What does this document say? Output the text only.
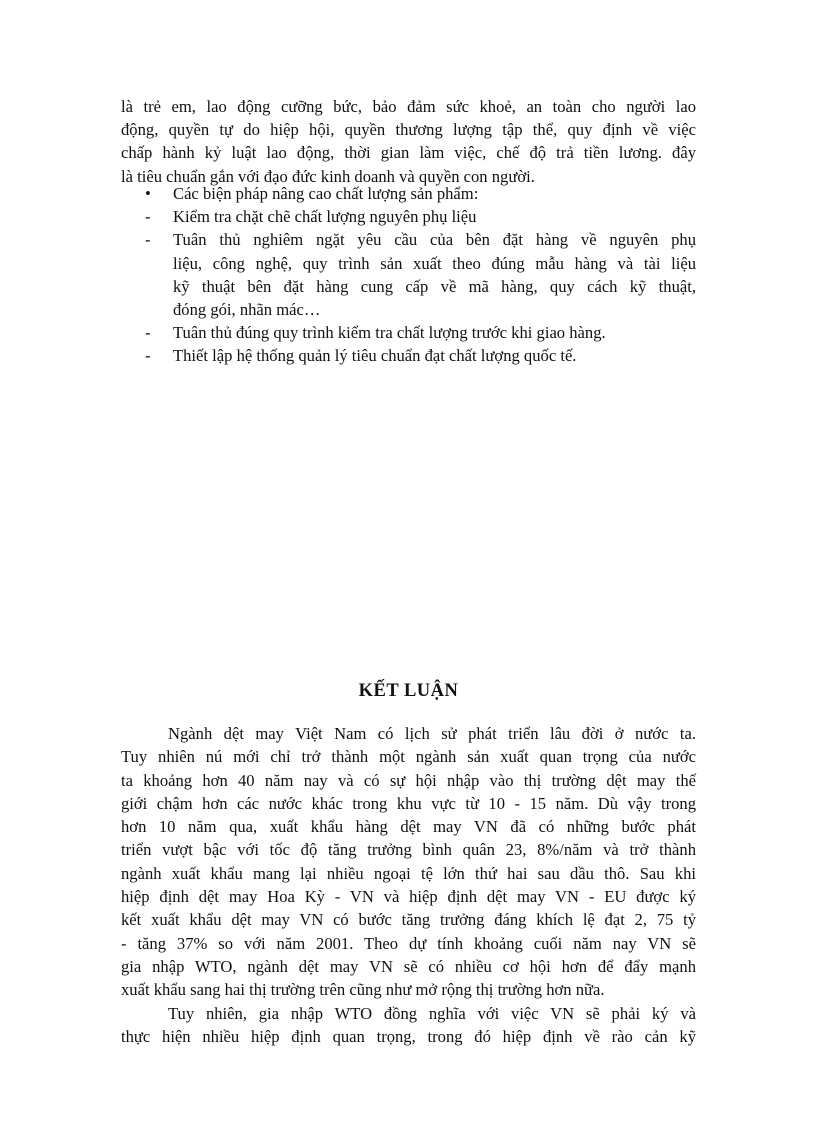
là trẻ em, lao động cưỡng bức, bảo đảm sức khoẻ, an toàn cho người lao
động, quyền tự do hiệp hội, quyền thương lượng tập thể, quy định về việc
chấp hành kỷ luật lao động, thời gian làm việc, chế độ trả tiền lương. đây
là tiêu chuẩn gắn với đạo đức kinh doanh và quyền con người.
• Các biện pháp nâng cao chất lượng sản phẩm:
- Kiểm tra chặt chẽ chất lượng nguyên phụ liệu
- Tuân thủ nghiêm ngặt yêu cầu của bên đặt hàng về nguyên phụ
liệu, công nghệ, quy trình sản xuất theo đúng mẫu hàng và tài liệu
kỹ thuật bên đặt hàng cung cấp về mã hàng, quy cách kỹ thuật,
đóng gói, nhãn mác…
- Tuân thủ đúng quy trình kiểm tra chất lượng trước khi giao hàng.
- Thiết lập hệ thống quản lý tiêu chuẩn đạt chất lượng quốc tế.
KẾT LUẬN
Ngành dệt may Việt Nam có lịch sử phát triển lâu đời ở nước ta.
Tuy nhiên nú mới chỉ trở thành một ngành sản xuất quan trọng của nước
ta khoảng hơn 40 năm nay và có sự hội nhập vào thị trường dệt may thế
giới chậm hơn các nước khác trong khu vực từ 10 - 15 năm. Dù vậy trong
hơn 10 năm qua, xuất khẩu hàng dệt may VN đã có những bước phát
triển vượt bậc với tốc độ tăng trưởng bình quân 23, 8%/năm và trở thành
ngành xuất khẩu mang lại nhiều ngoại tệ lớn thứ hai sau dầu thô. Sau khi
hiệp định dệt may Hoa Kỳ - VN và hiệp định dệt may VN - EU được ký
kết xuất khẩu dệt may VN có bước tăng trưởng đáng khích lệ đạt 2, 75 tỷ
- tăng 37% so với năm 2001. Theo dự tính khoảng cuối năm nay VN sẽ
gia nhập WTO, ngành dệt may VN sẽ có nhiều cơ hội hơn để đẩy mạnh
xuất khẩu sang hai thị trường trên cũng như mở rộng thị trường hơn nữa.
Tuy nhiên, gia nhập WTO đồng nghĩa với việc VN sẽ phải ký và
thực hiện nhiều hiệp định quan trọng, trong đó hiệp định về rào cản kỹ
